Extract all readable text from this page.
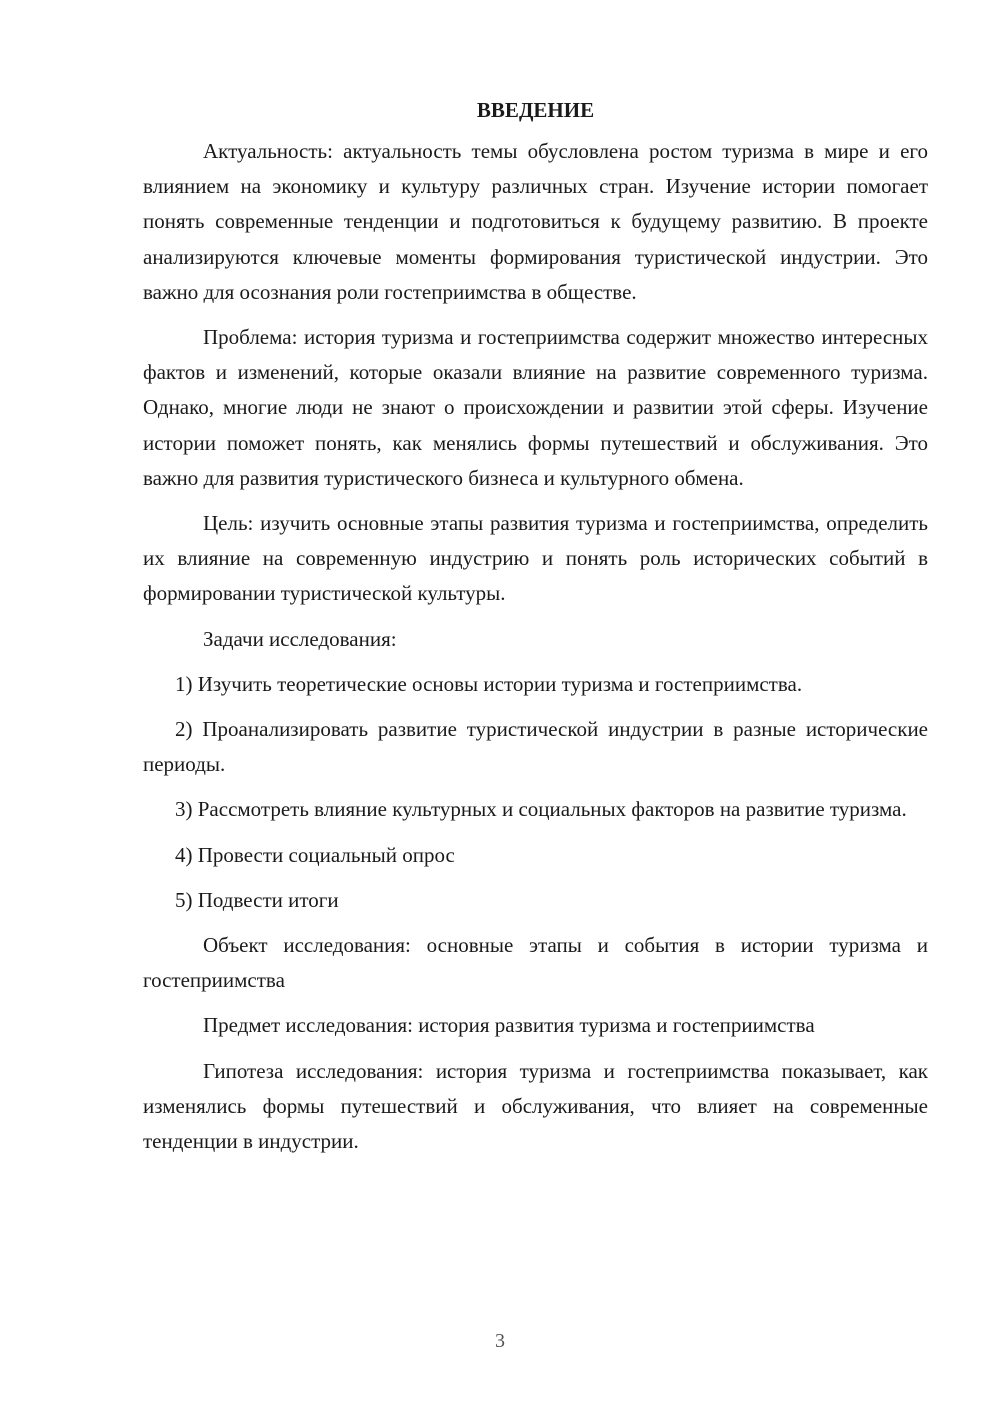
ВВЕДЕНИЕ

Актуальность: актуальность темы обусловлена ростом туризма в мире и его влиянием на экономику и культуру различных стран. Изучение истории помогает понять современные тенденции и подготовиться к будущему развитию. В проекте анализируются ключевые моменты формирования туристической индустрии. Это важно для осознания роли гостеприимства в обществе.

Проблема: история туризма и гостеприимства содержит множество интересных фактов и изменений, которые оказали влияние на развитие современного туризма. Однако, многие люди не знают о происхождении и развитии этой сферы. Изучение истории поможет понять, как менялись формы путешествий и обслуживания. Это важно для развития туристического бизнеса и культурного обмена.

Цель: изучить основные этапы развития туризма и гостеприимства, определить их влияние на современную индустрию и понять роль исторических событий в формировании туристической культуры.

Задачи исследования:

1) Изучить теоретические основы истории туризма и гостеприимства.

2) Проанализировать развитие туристической индустрии в разные исторические периоды.

3) Рассмотреть влияние культурных и социальных факторов на развитие туризма.

4) Провести социальный опрос

5) Подвести итоги

Объект исследования: основные этапы и события в истории туризма и гостеприимства

Предмет исследования: история развития туризма и гостеприимства

Гипотеза исследования: история туризма и гостеприимства показывает, как изменялись формы путешествий и обслуживания, что влияет на современные тенденции в индустрии.

3
